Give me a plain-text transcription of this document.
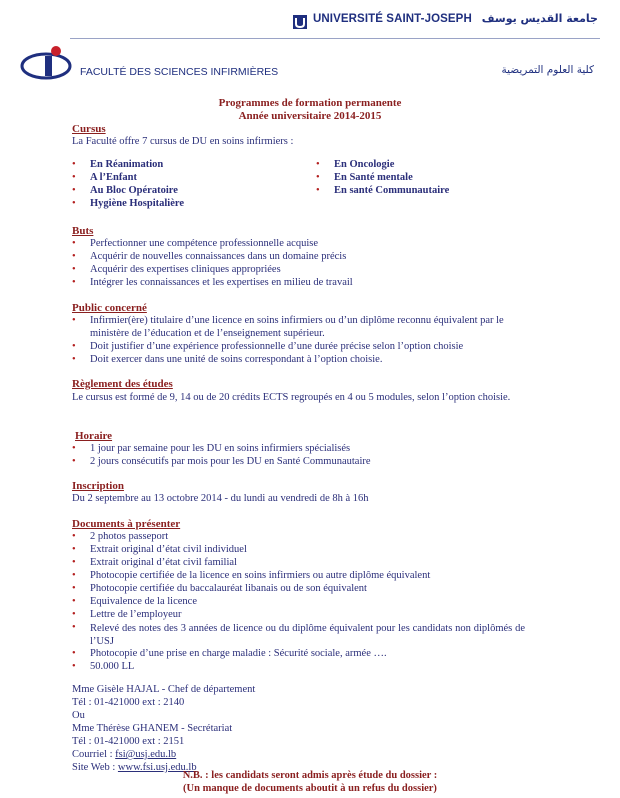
UNIVERSITÉ SAINT-JOSEPH جامعة القديس يوسف
FACULTÉ DES SCIENCES INFIRMIÈRES	كلية العلوم التمريضية
Programmes de formation permanente
Année universitaire 2014-2015
Cursus
La Faculté offre 7 cursus de DU en soins infirmiers :
• En Réanimation
• A l’Enfant
• Au Bloc Opératoire
• Hygiène Hospitalière
• En Oncologie
• En Santé mentale
• En santé Communautaire
Buts
• Perfectionner une compétence professionnelle acquise
• Acquérir de nouvelles connaissances dans un domaine précis
• Acquérir des expertises cliniques appropriées
• Intégrer les connaissances et les expertises en milieu de travail
Public concerné
• Infirmier(ère) titulaire d’une licence en soins infirmiers ou d’un diplôme reconnu équivalent par le
ministère de l’éducation et de l’enseignement supérieur.
• Doit justifier d’une expérience professionnelle d’une durée précise selon l’option choisie
• Doit exercer dans une unité de soins correspondant à l’option choisie.
Règlement des études
Le cursus est formé de 9, 14 ou de 20 crédits ECTS regroupés en 4 ou 5 modules, selon l’option choisie.
Horaire
• 1 jour par semaine pour les DU en soins infirmiers spécialisés
• 2 jours consécutifs par mois pour les DU en Santé Communautaire
Inscription
Du 2 septembre au 13 octobre 2014 - du lundi au vendredi de 8h à 16h
Documents à présenter
• 2 photos passeport
• Extrait original d’état civil individuel
• Extrait original d’état civil familial
• Photocopie certifiée de la licence en soins infirmiers ou autre diplôme équivalent
• Photocopie certifiée du baccalauréat libanais ou de son équivalent
• Equivalence de la licence
• Lettre de l’employeur
• Relevé des notes des 3 années de licence ou du diplôme équivalent pour les candidats non diplômés de l’USJ
• Photocopie d’une prise en charge maladie : Sécurité sociale, armée ….
• 50.000 LL
Mme Gisèle HAJAL - Chef de département
Tél : 01-421000 ext : 2140
Ou
Mme Thérèse GHANEM - Secrétariat
Tél : 01-421000 ext : 2151
Courriel : fsi@usj.edu.lb
Site Web : www.fsi.usj.edu.lb
N.B. : les candidats seront admis après étude du dossier :
(Un manque de documents aboutit à un refus du dossier)
